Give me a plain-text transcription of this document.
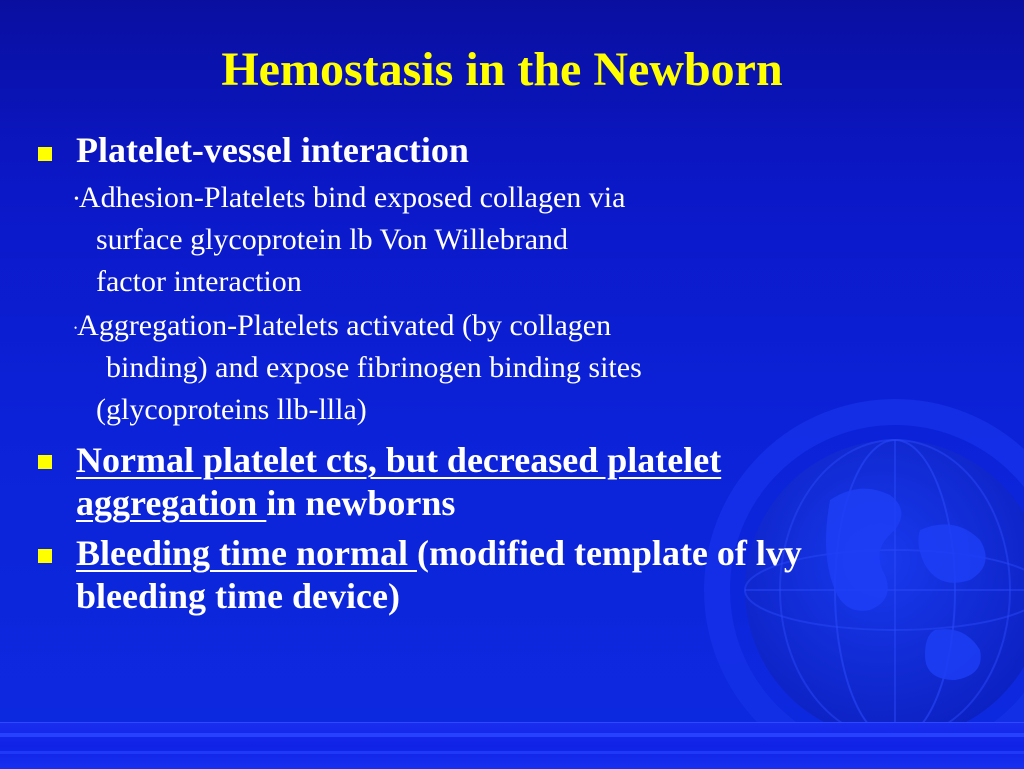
Hemostasis in the Newborn

Platelet-vessel interaction

•Adhesion-Platelets bind exposed collagen via

surface glycoprotein lb Von Willebrand

factor interaction

•Aggregation-Platelets activated (by collagen

binding) and expose fibrinogen binding sites

(glycoproteins llb-llla)

Normal platelet cts, but decreased platelet

aggregation in newborns

Bleeding time normal (modified template of lvy

bleeding time device)
